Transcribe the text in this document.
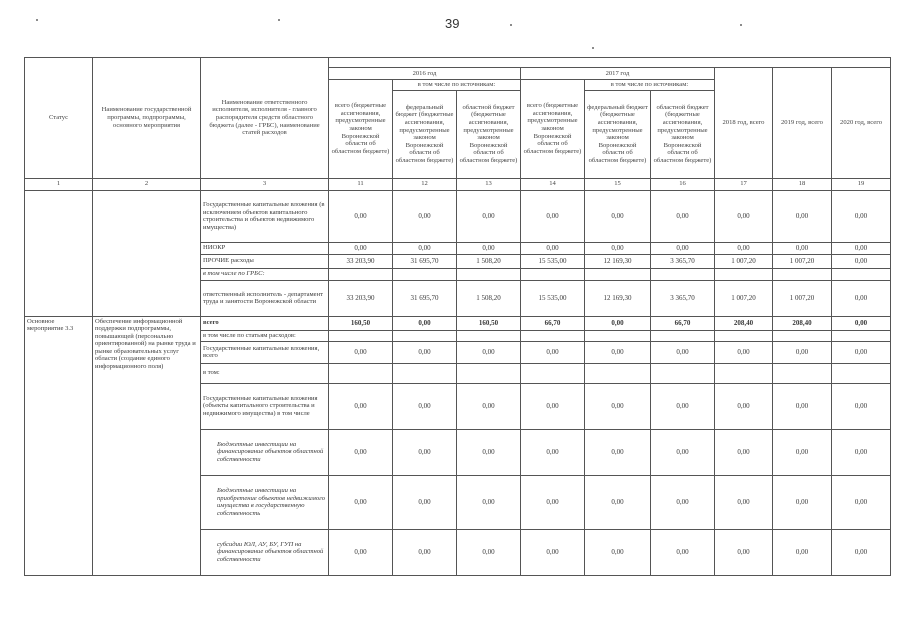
39
Статус	Наименование государственной программы, подпрограммы, основного мероприятия	Наименование ответственного исполнителя, исполнителя - главного распорядителя средств областного бюджета (далее - ГРБС), наименование статей расходов									
			2016 год			2017 год			2018 год, всего	2019 год, всего	2020 год, всего
			всего (бюджетные ассигнования, предусмотренные законом Воронежской области об областном бюджете)	в том числе по источникам:		всего (бюджетные ассигнования, предусмотренные законом Воронежской области об областном бюджете)	в том числе по источникам:				
				федеральный бюджет (бюджетные ассигнования, предусмотренные законом Воронежской области об областном бюджете)	областной бюджет (бюджетные ассигнования, предусмотренные законом Воронежской области об областном бюджете)		федеральный бюджет (бюджетные ассигнования, предусмотренные законом Воронежской области об областном бюджете)	областной бюджет (бюджетные ассигнования, предусмотренные законом Воронежской области об областном бюджете)			
1	2	3	11	12	13	14	15	16	17	18	19
		Государственные капитальные вложения (в исключением объектов капитального строительства и объектов недвижимого имущества)	0,00	0,00	0,00	0,00	0,00	0,00	0,00	0,00	0,00
		НИОКР	0,00	0,00	0,00	0,00	0,00	0,00	0,00	0,00	0,00
		ПРОЧИЕ расходы	33 203,90	31 695,70	1 508,20	15 535,00	12 169,30	3 365,70	1 007,20	1 007,20	0,00
		в том числе по ГРБС:									
		ответственный исполнитель - департамент труда и занятости Воронежской области	33 203,90	31 695,70	1 508,20	15 535,00	12 169,30	3 365,70	1 007,20	1 007,20	0,00
Основное мероприятие 3.3	Обеспечение информационной поддержки подпрограммы, повышающей (персонально ориентированной) на рынке труда и рынке образовательных услуг области (создание единого информационного поля)	всего	160,50	0,00	160,50	66,70	0,00	66,70	208,40	208,40	0,00
		в том числе по статьям расходов:									
		Государственные капитальные вложения, всего	0,00	0,00	0,00	0,00	0,00	0,00	0,00	0,00	0,00
		в том:									
		Государственные капитальные вложения (объекты капитального строительства и недвижимого имущества) в том числе	0,00	0,00	0,00	0,00	0,00	0,00	0,00	0,00	0,00
		Бюджетные инвестиции на финансирование объектов областной собственности	0,00	0,00	0,00	0,00	0,00	0,00	0,00	0,00	0,00
		Бюджетные инвестиции на приобретение объектов недвижимого имущества в государственную собственность	0,00	0,00	0,00	0,00	0,00	0,00	0,00	0,00	0,00
		субсидии ЮЛ, АУ, БУ, ГУП на финансирование объектов областной собственности	0,00	0,00	0,00	0,00	0,00	0,00	0,00	0,00	0,00
